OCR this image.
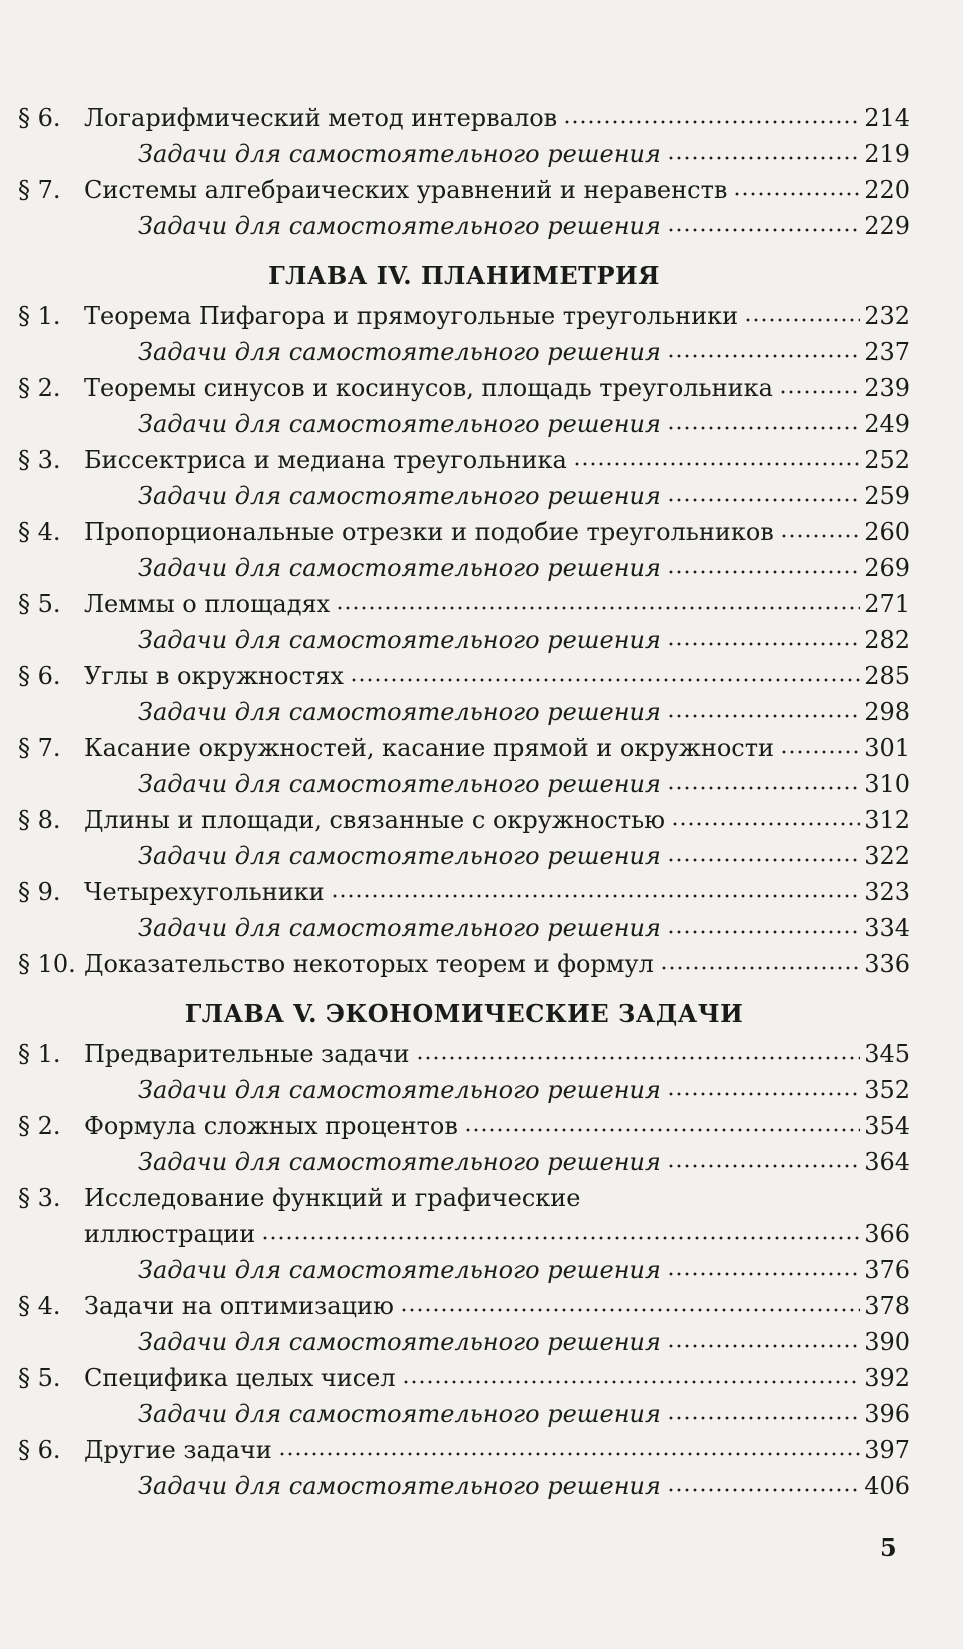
§ 6. Логарифмический метод интервалов	214
Задачи для самостоятельного решения	219
§ 7. Системы алгебраических уравнений и неравенств	220
Задачи для самостоятельного решения	229
ГЛАВА IV. ПЛАНИМЕТРИЯ
§ 1. Теорема Пифагора и прямоугольные треугольники	232
Задачи для самостоятельного решения	237
§ 2. Теоремы синусов и косинусов, площадь треугольника	239
Задачи для самостоятельного решения	249
§ 3. Биссектриса и медиана треугольника	252
Задачи для самостоятельного решения	259
§ 4. Пропорциональные отрезки и подобие треугольников	260
Задачи для самостоятельного решения	269
§ 5. Леммы о площадях	271
Задачи для самостоятельного решения	282
§ 6. Углы в окружностях	285
Задачи для самостоятельного решения	298
§ 7. Касание окружностей, касание прямой и окружности	301
Задачи для самостоятельного решения	310
§ 8. Длины и площади, связанные с окружностью	312
Задачи для самостоятельного решения	322
§ 9. Четырехугольники	323
Задачи для самостоятельного решения	334
§ 10. Доказательство некоторых теорем и формул	336
ГЛАВА V. ЭКОНОМИЧЕСКИЕ ЗАДАЧИ
§ 1. Предварительные задачи	345
Задачи для самостоятельного решения	352
§ 2. Формула сложных процентов	354
Задачи для самостоятельного решения	364
§ 3. Исследование функций и графические
иллюстрации	366
Задачи для самостоятельного решения	376
§ 4. Задачи на оптимизацию	378
Задачи для самостоятельного решения	390
§ 5. Специфика целых чисел	392
Задачи для самостоятельного решения	396
§ 6. Другие задачи	397
Задачи для самостоятельного решения	406
5
